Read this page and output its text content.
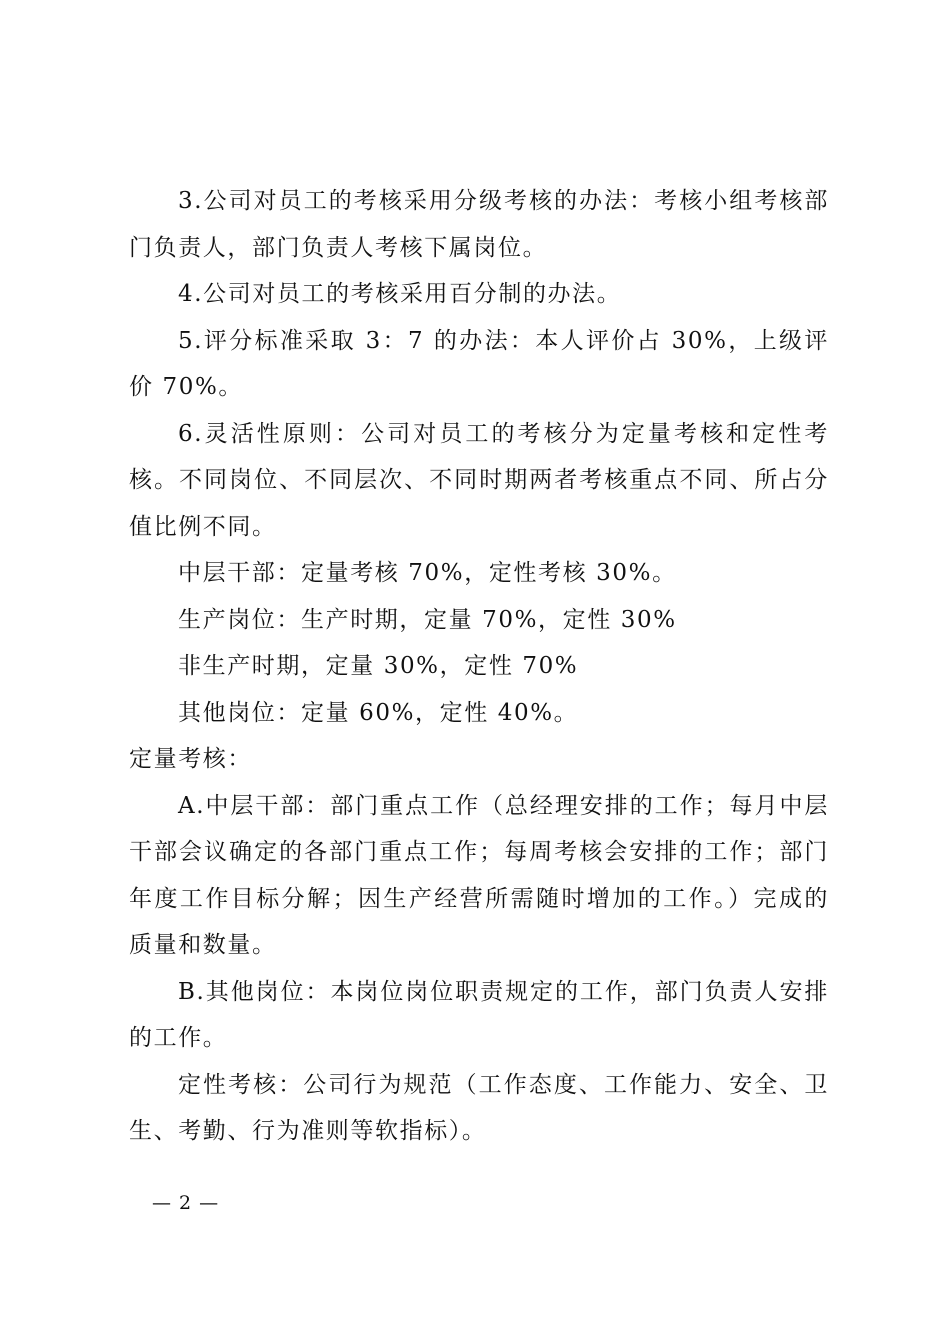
3.公司对员工的考核采用分级考核的办法：考核小组考核部门负责人，部门负责人考核下属岗位。

4.公司对员工的考核采用百分制的办法。

5.评分标准采取 3：7 的办法：本人评价占 30%，上级评价 70%。

6.灵活性原则：公司对员工的考核分为定量考核和定性考核。不同岗位、不同层次、不同时期两者考核重点不同、所占分值比例不同。

中层干部：定量考核 70%，定性考核 30%。

生产岗位：生产时期，定量 70%，定性 30%

非生产时期，定量 30%，定性 70%

其他岗位：定量 60%，定性 40%。

定量考核：

A.中层干部：部门重点工作（总经理安排的工作；每月中层干部会议确定的各部门重点工作；每周考核会安排的工作；部门年度工作目标分解；因生产经营所需随时增加的工作。）完成的质量和数量。

B.其他岗位：本岗位岗位职责规定的工作，部门负责人安排的工作。

定性考核：公司行为规范（工作态度、工作能力、安全、卫生、考勤、行为准则等软指标）。

— 2 —
